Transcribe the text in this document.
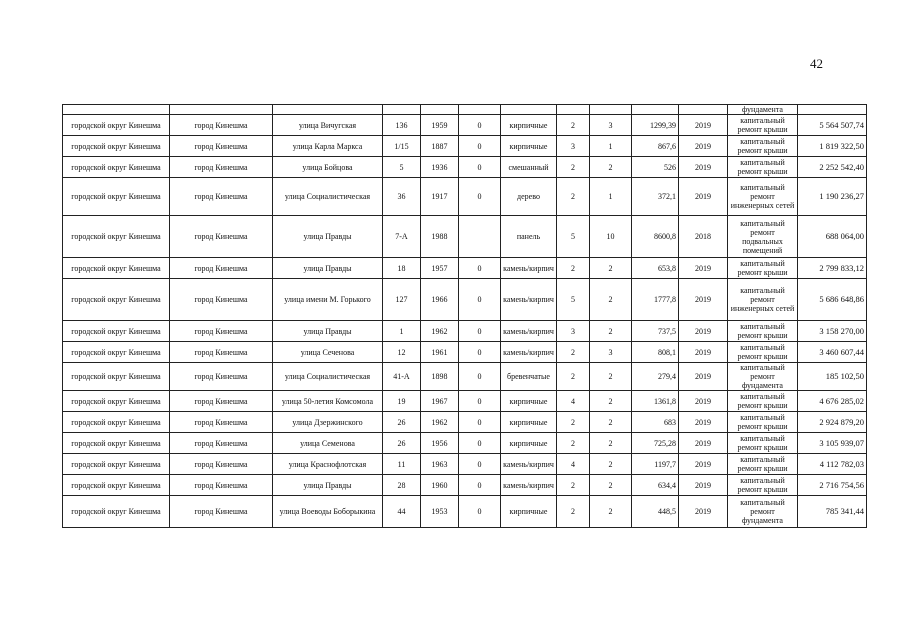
42
											фундамента	
городской округ Кинешма	город Кинешма	улица Вичугская	136	1959	0	кирпичные	2	3	1299,39	2019	капитальный ремонт крыши	5 564 507,74
городской округ Кинешма	город Кинешма	улица Карла Маркса	1/15	1887	0	кирпичные	3	1	867,6	2019	капитальный ремонт крыши	1 819 322,50
городской округ Кинешма	город Кинешма	улица Бойцова	5	1936	0	смешанный	2	2	526	2019	капитальный ремонт крыши	2 252 542,40
городской округ Кинешма	город Кинешма	улица Социалистическая	36	1917	0	дерево	2	1	372,1	2019	капитальный ремонт инженерных сетей	1 190 236,27
городской округ Кинешма	город Кинешма	улица Правды	7-А	1988		панель	5	10	8600,8	2018	капитальный ремонт подвальных помещений	688 064,00
городской округ Кинешма	город Кинешма	улица Правды	18	1957	0	камень/кирпич	2	2	653,8	2019	капитальный ремонт крыши	2 799 833,12
городской округ Кинешма	город Кинешма	улица имени М. Горького	127	1966	0	камень/кирпич	5	2	1777,8	2019	капитальный ремонт инженерных сетей	5 686 648,86
городской округ Кинешма	город Кинешма	улица Правды	1	1962	0	камень/кирпич	3	2	737,5	2019	капитальный ремонт крыши	3 158 270,00
городской округ Кинешма	город Кинешма	улица Сеченова	12	1961	0	камень/кирпич	2	3	808,1	2019	капитальный ремонт крыши	3 460 607,44
городской округ Кинешма	город Кинешма	улица Социалистическая	41-А	1898	0	бревенчатые	2	2	279,4	2019	капитальный ремонт фундамента	185 102,50
городской округ Кинешма	город Кинешма	улица 50-летия Комсомола	19	1967	0	кирпичные	4	2	1361,8	2019	капитальный ремонт крыши	4 676 285,02
городской округ Кинешма	город Кинешма	улица Дзержинского	26	1962	0	кирпичные	2	2	683	2019	капитальный ремонт крыши	2 924 879,20
городской округ Кинешма	город Кинешма	улица Семенова	26	1956	0	кирпичные	2	2	725,28	2019	капитальный ремонт крыши	3 105 939,07
городской округ Кинешма	город Кинешма	улица Краснофлотская	11	1963	0	камень/кирпич	4	2	1197,7	2019	капитальный ремонт крыши	4 112 782,03
городской округ Кинешма	город Кинешма	улица Правды	28	1960	0	камень/кирпич	2	2	634,4	2019	капитальный ремонт крыши	2 716 754,56
городской округ Кинешма	город Кинешма	улица Воеводы Боборыкина	44	1953	0	кирпичные	2	2	448,5	2019	капитальный ремонт фундамента	785 341,44
